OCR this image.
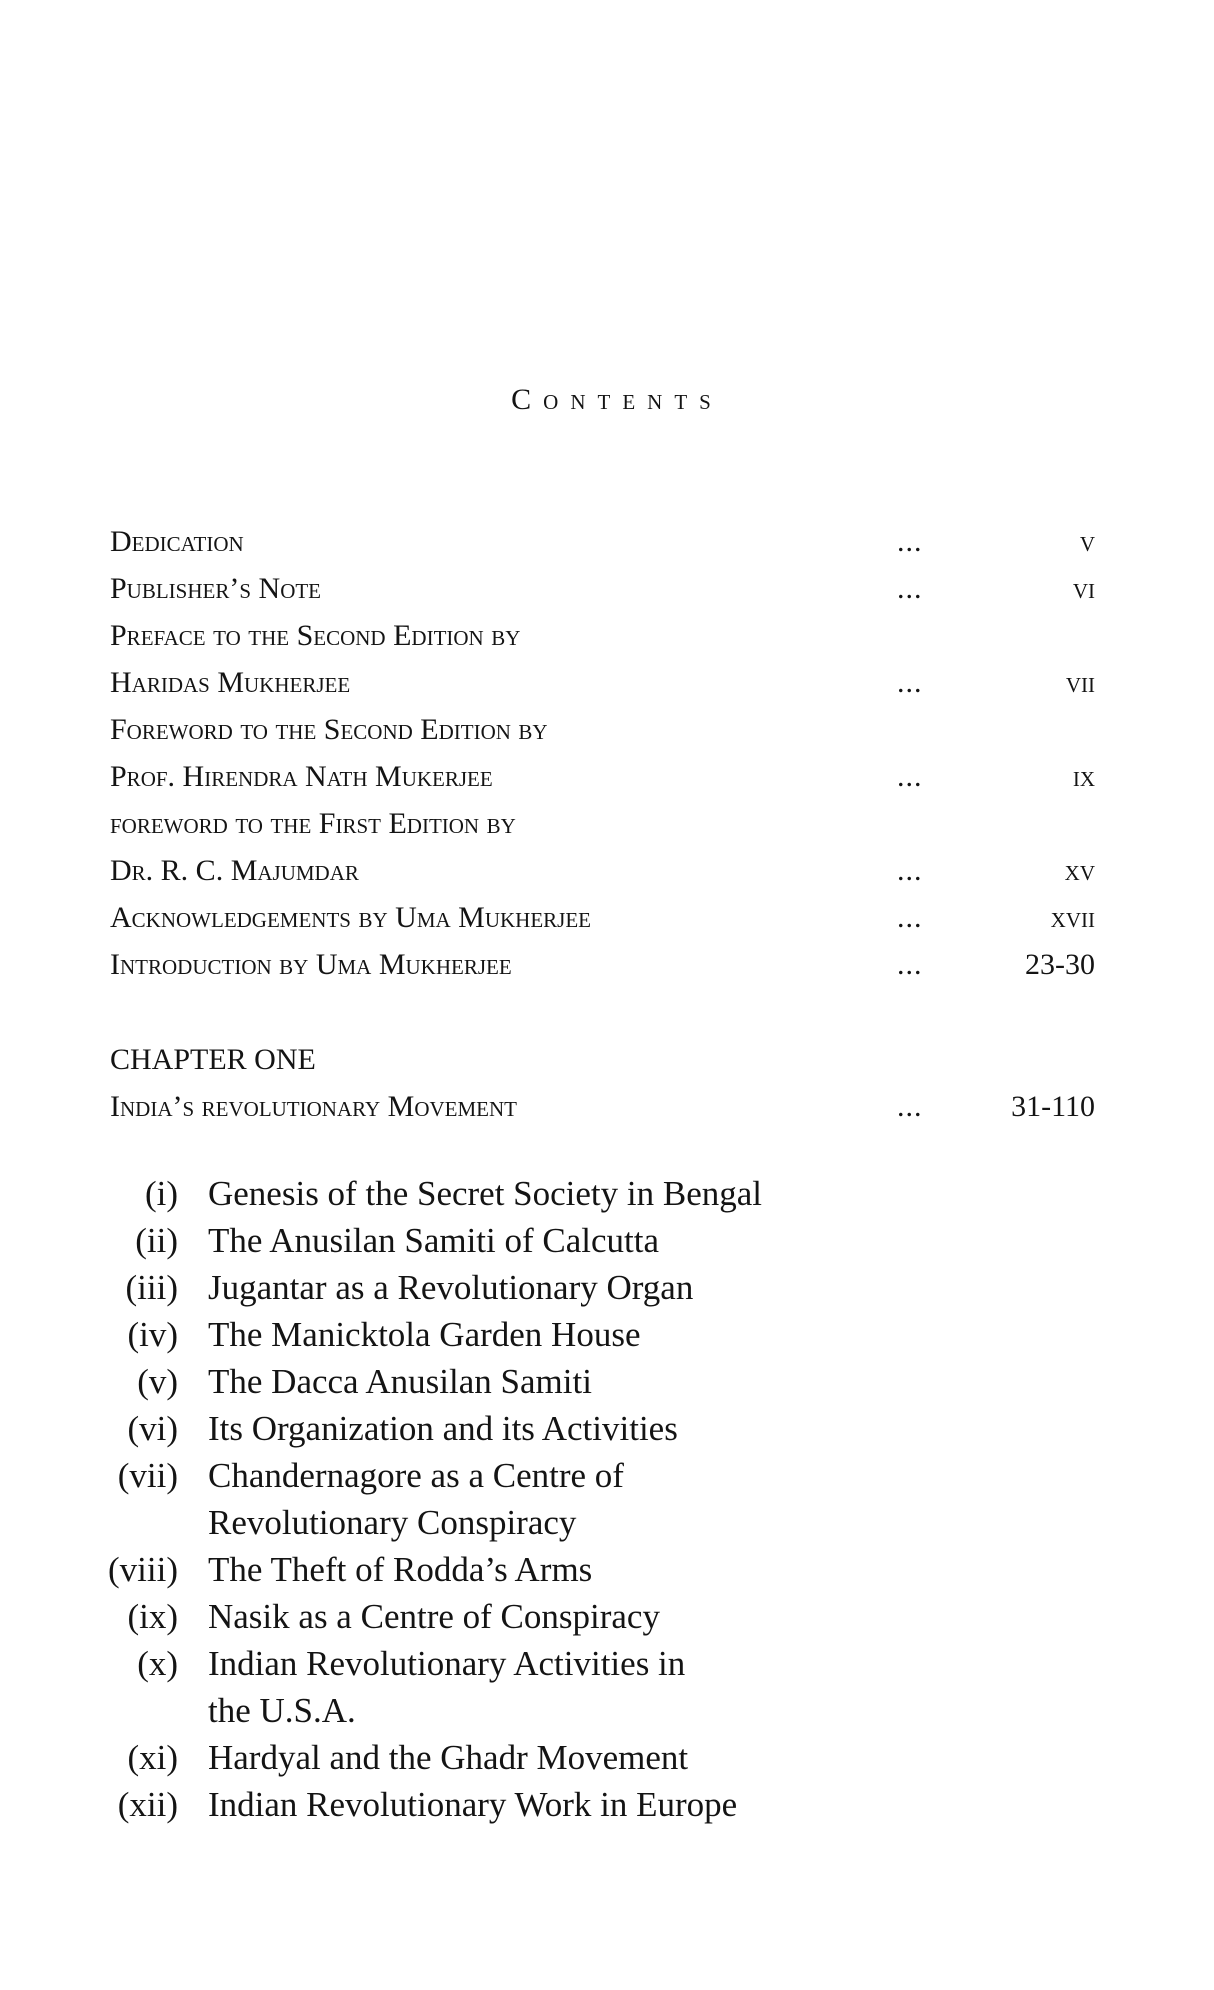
Contents
Dedication	...	v
Publisher’s Note	...	vi
Preface to the Second Edition by
Haridas Mukherjee	...	vii
Foreword to the Second Edition by
Prof. Hirendra Nath Mukerjee	...	ix
foreword to the First Edition by
Dr. R. C. Majumdar	...	xv
Acknowledgements by Uma Mukherjee	...	xvii
Introduction by Uma Mukherjee	...	23-30
CHAPTER ONE
India’s revolutionary Movement	...	31-110
(i) Genesis of the Secret Society in Bengal
(ii) The Anusilan Samiti of Calcutta
(iii) Jugantar as a Revolutionary Organ
(iv) The Manicktola Garden House
(v) The Dacca Anusilan Samiti
(vi) Its Organization and its Activities
(vii) Chandernagore as a Centre of
Revolutionary Conspiracy
(viii) The Theft of Rodda’s Arms
(ix) Nasik as a Centre of Conspiracy
(x) Indian Revolutionary Activities in
the U.S.A.
(xi) Hardyal and the Ghadr Movement
(xii) Indian Revolutionary Work in Europe
